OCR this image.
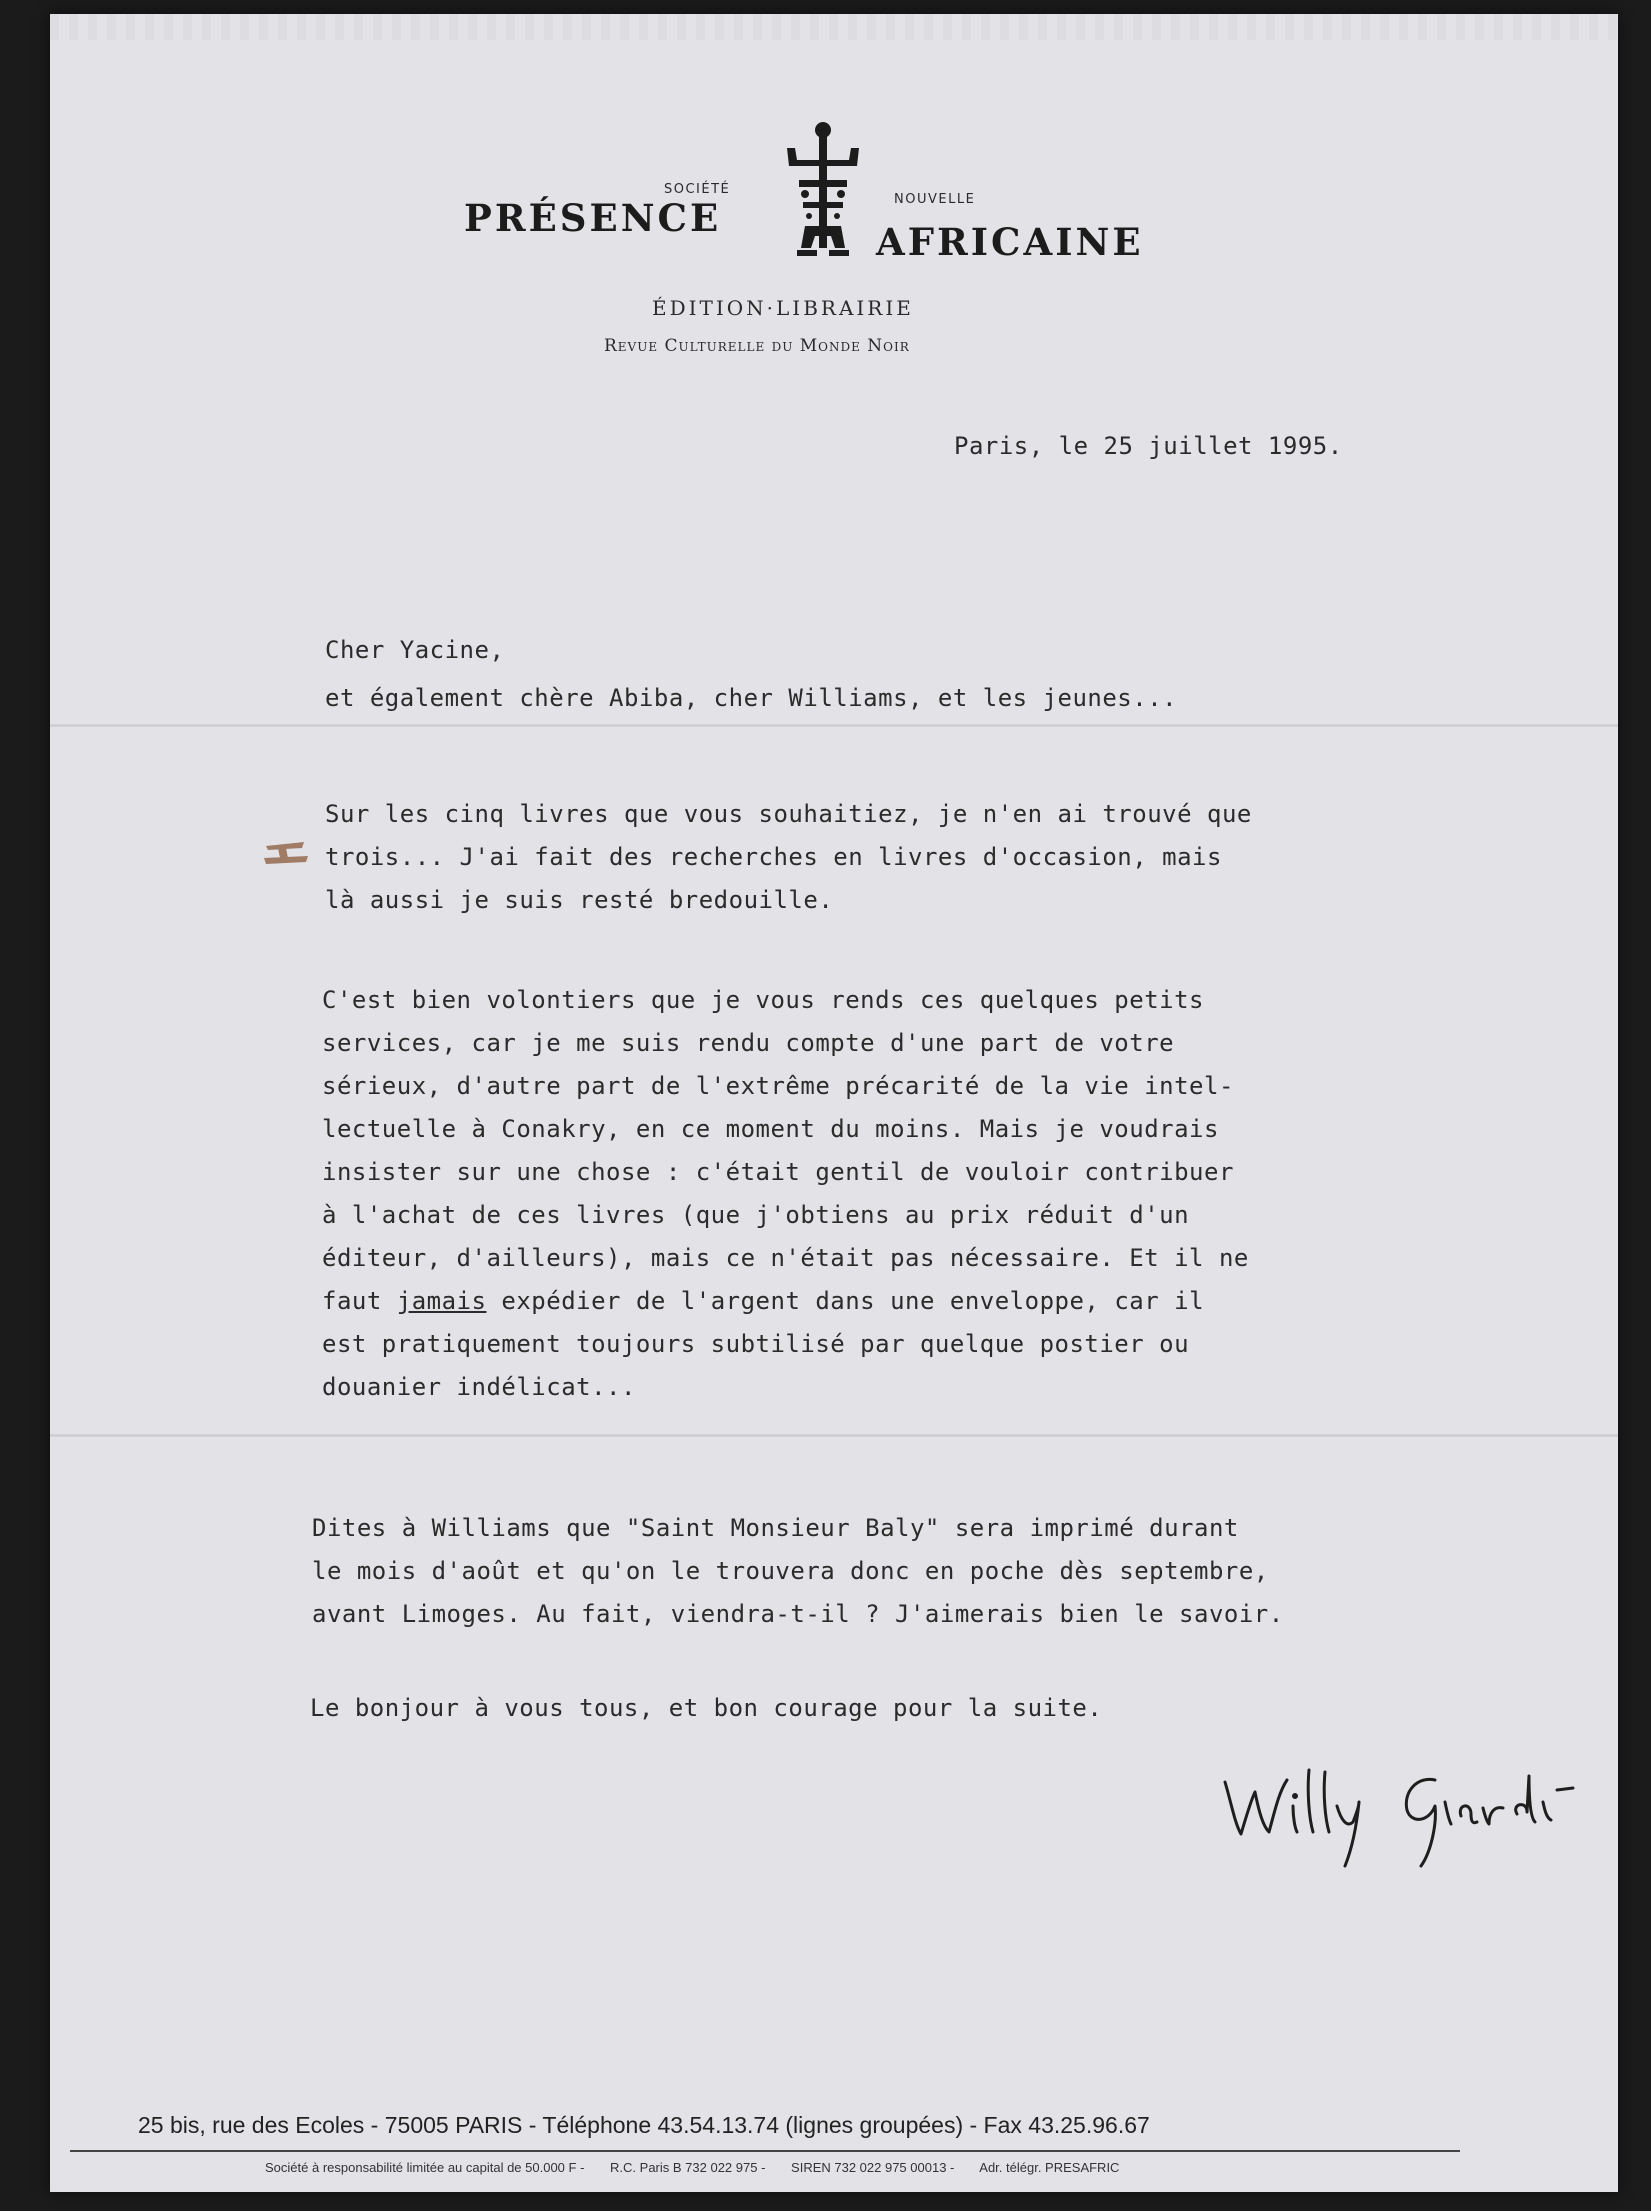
SOCIÉTÉ
PRÉSENCE	NOUVELLE
AFRICAINE
ÉDITION·LIBRAIRIE
Revue Culturelle du Monde Noir
Paris, le 25 juillet 1995.
Cher Yacine,
et également chère Abiba, cher Williams, et les jeunes...
Sur les cinq livres que vous souhaitiez, je n'en ai trouvé que
trois... J'ai fait des recherches en livres d'occasion, mais
là aussi je suis resté bredouille.
C'est bien volontiers que je vous rends ces quelques petits
services, car je me suis rendu compte d'une part de votre
sérieux, d'autre part de l'extrême précarité de la vie intel-
lectuelle à Conakry, en ce moment du moins. Mais je voudrais
insister sur une chose : c'était gentil de vouloir contribuer
à l'achat de ces livres (que j'obtiens au prix réduit d'un
éditeur, d'ailleurs), mais ce n'était pas nécessaire. Et il ne
faut jamais expédier de l'argent dans une enveloppe, car il
est pratiquement toujours subtilisé par quelque postier ou
douanier indélicat...
Dites à Williams que "Saint Monsieur Baly" sera imprimé durant
le mois d'août et qu'on le trouvera donc en poche dès septembre,
avant Limoges. Au fait, viendra-t-il ? J'aimerais bien le savoir.
Le bonjour à vous tous, et bon courage pour la suite.
25 bis, rue des Ecoles - 75005 PARIS - Téléphone 43.54.13.74 (lignes groupées) - Fax 43.25.96.67
Société à responsabilité limitée au capital de 50.000 F - R.C. Paris B 732 022 975 - SIREN 732 022 975 00013 - Adr. télégr. PRESAFRIC
